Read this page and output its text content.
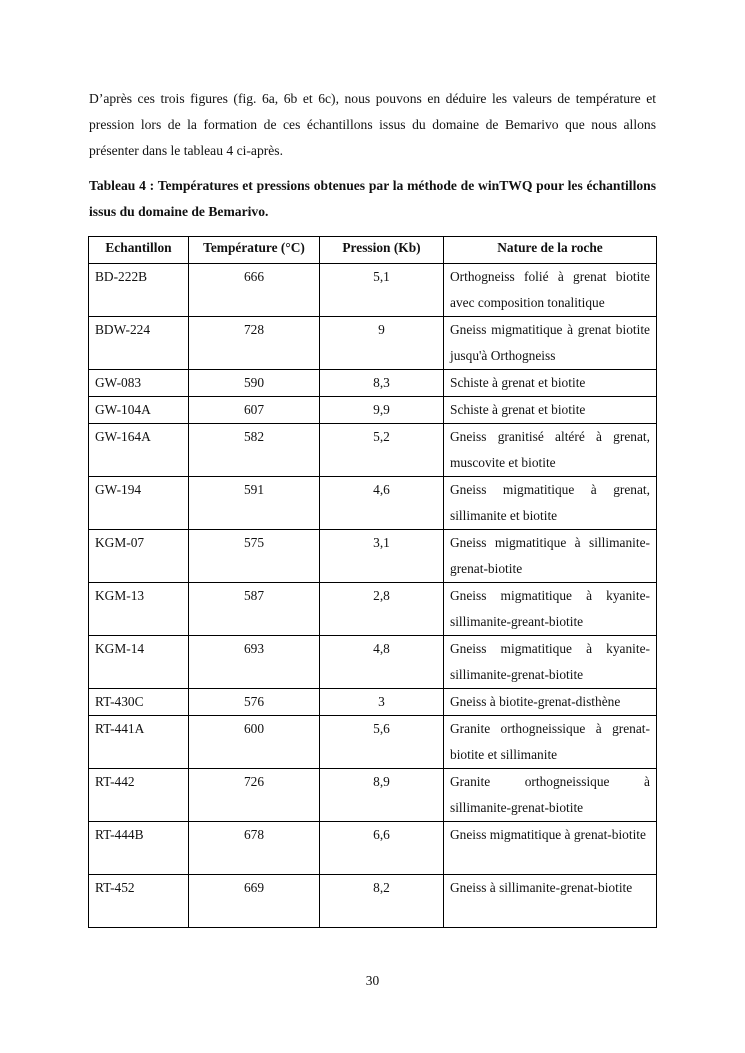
D’après ces trois figures (fig. 6a, 6b et 6c), nous pouvons en déduire les valeurs de température et pression lors de la formation de ces échantillons issus du domaine de Bemarivo que nous allons présenter dans le tableau 4 ci-après.

Tableau 4 : Températures et pressions obtenues par la méthode de winTWQ pour les échantillons issus du domaine de Bemarivo.

Echantillon	Température (°C)	Pression (Kb)	Nature de la roche
BD-222B	666	5,1	Orthogneiss folié à grenat biotite avec composition tonalitique
BDW-224	728	9	Gneiss migmatitique à grenat biotite jusqu'à Orthogneiss
GW-083	590	8,3	Schiste à grenat et biotite
GW-104A	607	9,9	Schiste à grenat et biotite
GW-164A	582	5,2	Gneiss granitisé altéré à grenat, muscovite et biotite
GW-194	591	4,6	Gneiss migmatitique à grenat, sillimanite et biotite
KGM-07	575	3,1	Gneiss migmatitique à sillimanite-grenat-biotite
KGM-13	587	2,8	Gneiss migmatitique à kyanite-sillimanite-greant-biotite
KGM-14	693	4,8	Gneiss migmatitique à kyanite-sillimanite-grenat-biotite
RT-430C	576	3	Gneiss à biotite-grenat-disthène
RT-441A	600	5,6	Granite orthogneissique à grenat-biotite et sillimanite
RT-442	726	8,9	Granite orthogneissique à sillimanite-grenat-biotite
RT-444B	678	6,6	Gneiss migmatitique à grenat-biotite
RT-452	669	8,2	Gneiss à sillimanite-grenat-biotite
30
